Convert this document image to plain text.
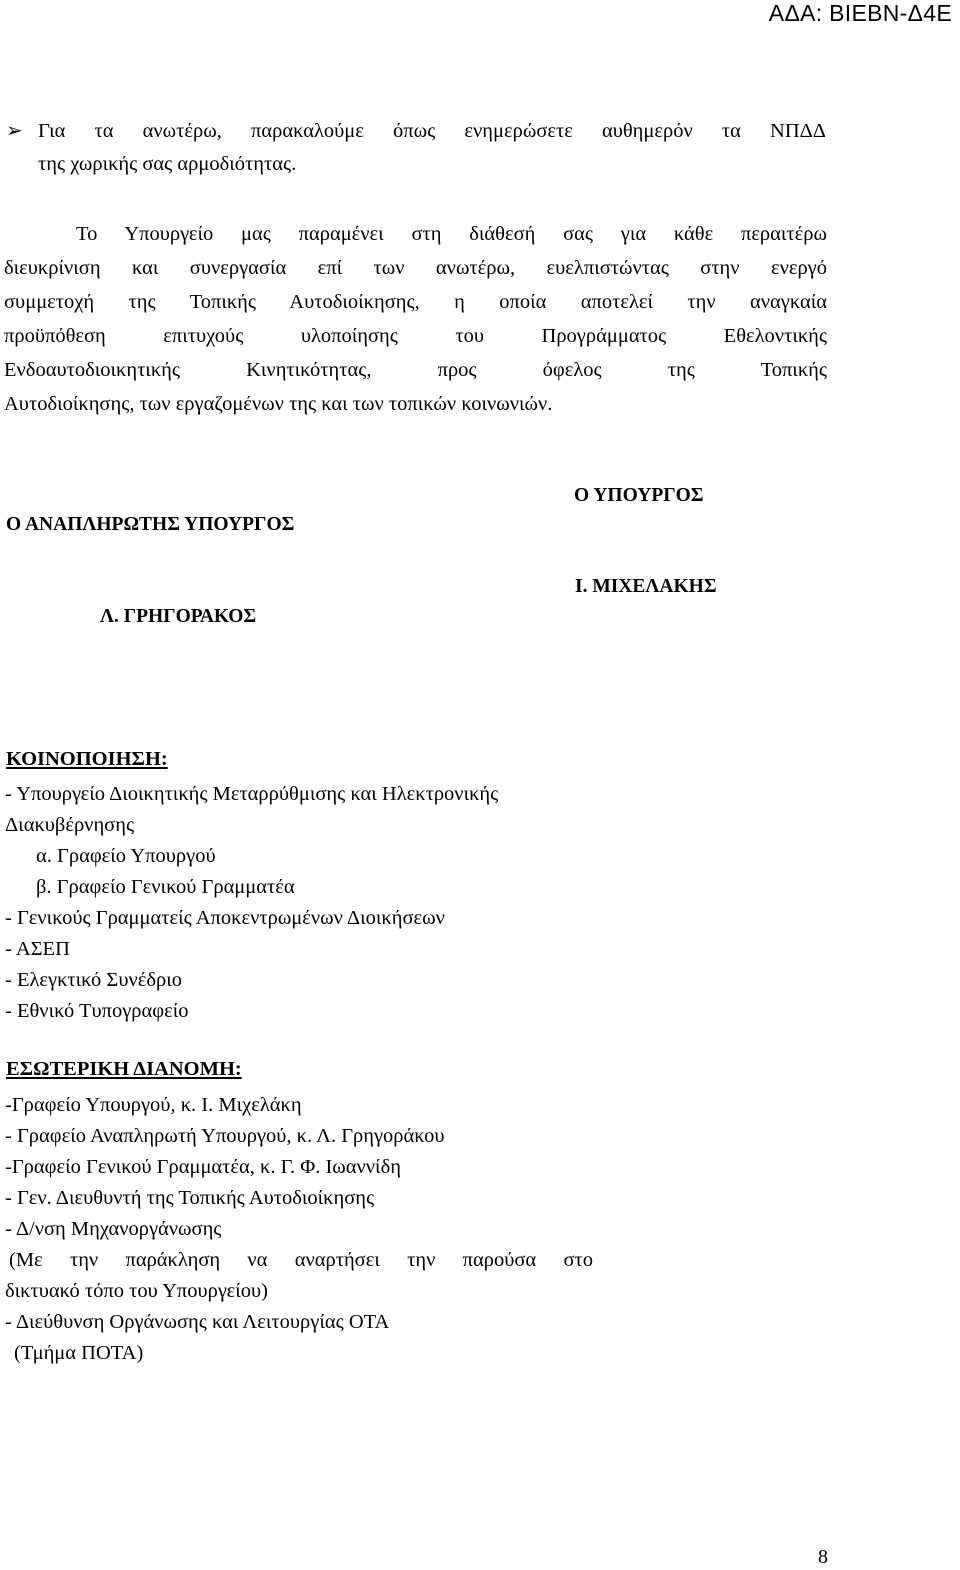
ΑΔΑ: ΒΙΕΒΝ-Δ4Ε
➢ Για τα ανωτέρω, παρακαλούμε όπως ενημερώσετε αυθημερόν τα ΝΠΔΔ
της χωρικής σας αρμοδιότητας.
Το Υπουργείο μας παραμένει στη διάθεσή σας για κάθε περαιτέρω
διευκρίνιση και συνεργασία επί των ανωτέρω, ευελπιστώντας στην ενεργό
συμμετοχή της Τοπικής Αυτοδιοίκησης, η οποία αποτελεί την αναγκαία
προϋπόθεση επιτυχούς υλοποίησης του Προγράμματος Εθελοντικής
Ενδοαυτοδιοικητικής Κινητικότητας, προς όφελος της Τοπικής
Αυτοδιοίκησης, των εργαζομένων της και των τοπικών κοινωνιών.
Ο ΥΠΟΥΡΓΟΣ
Ο ΑΝΑΠΛΗΡΩΤΗΣ ΥΠΟΥΡΓΟΣ
Ι. ΜΙΧΕΛΑΚΗΣ
Λ. ΓΡΗΓΟΡΑΚΟΣ
ΚΟΙΝΟΠΟΙΗΣΗ:
- Υπουργείο Διοικητικής Μεταρρύθμισης και Ηλεκτρονικής
Διακυβέρνησης
α. Γραφείο Υπουργού
β. Γραφείο Γενικού Γραμματέα
- Γενικούς Γραμματείς Αποκεντρωμένων Διοικήσεων
- ΑΣΕΠ
- Ελεγκτικό Συνέδριο
- Εθνικό Τυπογραφείο
ΕΣΩΤΕΡΙΚΗ ΔΙΑΝΟΜΗ:
-Γραφείο Υπουργού, κ. Ι. Μιχελάκη
- Γραφείο Αναπληρωτή Υπουργού, κ. Λ. Γρηγοράκου
-Γραφείο Γενικού Γραμματέα, κ. Γ. Φ. Ιωαννίδη
- Γεν. Διευθυντή της Τοπικής Αυτοδιοίκησης
- Δ/νση Μηχανοργάνωσης
(Με την παράκληση να αναρτήσει την παρούσα στο
δικτυακό τόπο του Υπουργείου)
- Διεύθυνση Οργάνωσης και Λειτουργίας ΟΤΑ
(Τμήμα ΠΟΤΑ)
8
